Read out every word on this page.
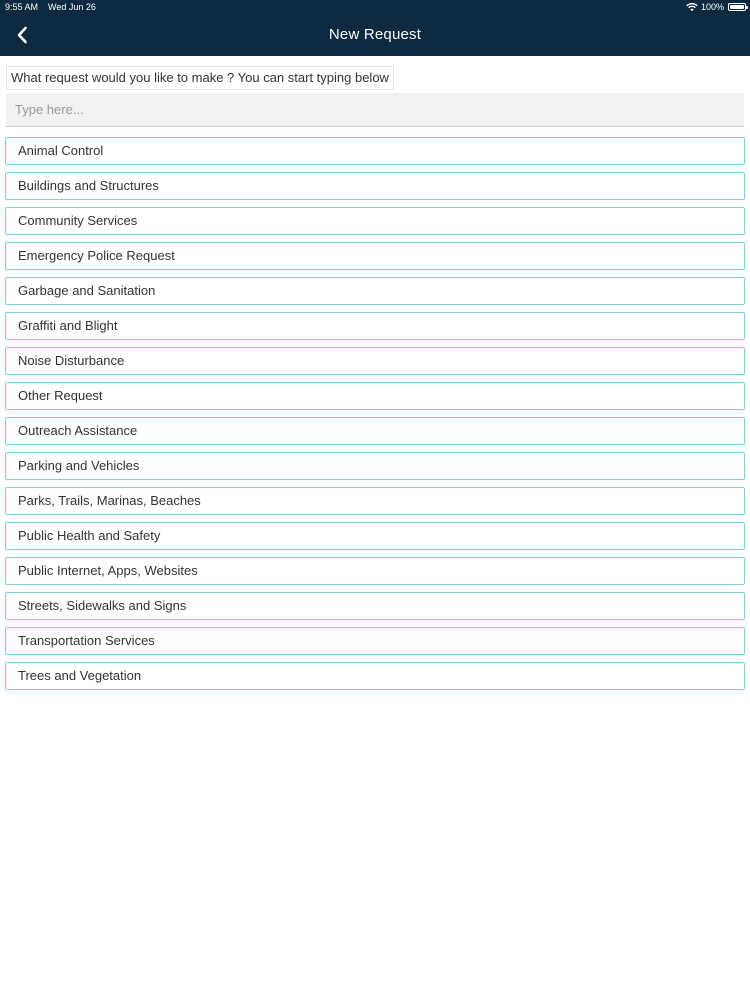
9:55 AM Wed Jun 26	100%
New Request
What request would you like to make ? You can start typing below
Type here...
Animal Control
Buildings and Structures
Community Services
Emergency Police Request
Garbage and Sanitation
Graffiti and Blight
Noise Disturbance
Other Request
Outreach Assistance
Parking and Vehicles
Parks, Trails, Marinas, Beaches
Public Health and Safety
Public Internet, Apps, Websites
Streets, Sidewalks and Signs
Transportation Services
Trees and Vegetation
